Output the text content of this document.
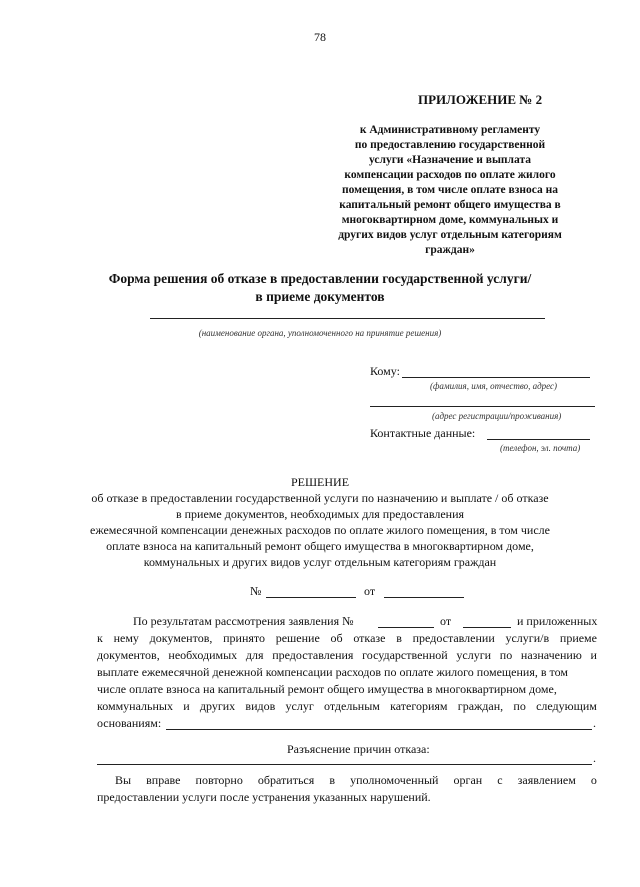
78
ПРИЛОЖЕНИЕ № 2
к Административному регламенту
по предоставлению государственной
услуги «Назначение и выплата
компенсации расходов по оплате жилого
помещения, в том числе оплате взноса на
капитальный ремонт общего имущества в
многоквартирном доме, коммунальных и
других видов услуг отдельным категориям
граждан»
Форма решения об отказе в предоставлении государственной услуги/
в приеме документов
(наименование органа, уполномоченного на принятие решения)
Кому:
(фамилия, имя, отчество, адрес)
(адрес регистрации/проживания)
Контактные данные:
(телефон, эл. почта)
РЕШЕНИЕ
об отказе в предоставлении государственной услуги по назначению и выплате / об отказе
в приеме документов, необходимых для предоставления
ежемесячной компенсации денежных расходов по оплате жилого помещения, в том числе
оплате взноса на капитальный ремонт общего имущества в многоквартирном доме,
коммунальных и других видов услуг отдельным категориям граждан
№	от
По результатам рассмотрения заявления №	от	и приложенных
к нему документов, принято решение об отказе в предоставлении услуги/в приеме
документов, необходимых для предоставления государственной услуги по назначению и
выплате ежемесячной денежной компенсации расходов по оплате жилого помещения, в том
числе оплате взноса на капитальный ремонт общего имущества в многоквартирном доме,
коммунальных и других видов услуг отдельным категориям граждан, по следующим
основаниям:	.
Разъяснение причин отказа:
.
Вы вправе повторно обратиться в уполномоченный орган с заявлением о
предоставлении услуги после устранения указанных нарушений.
